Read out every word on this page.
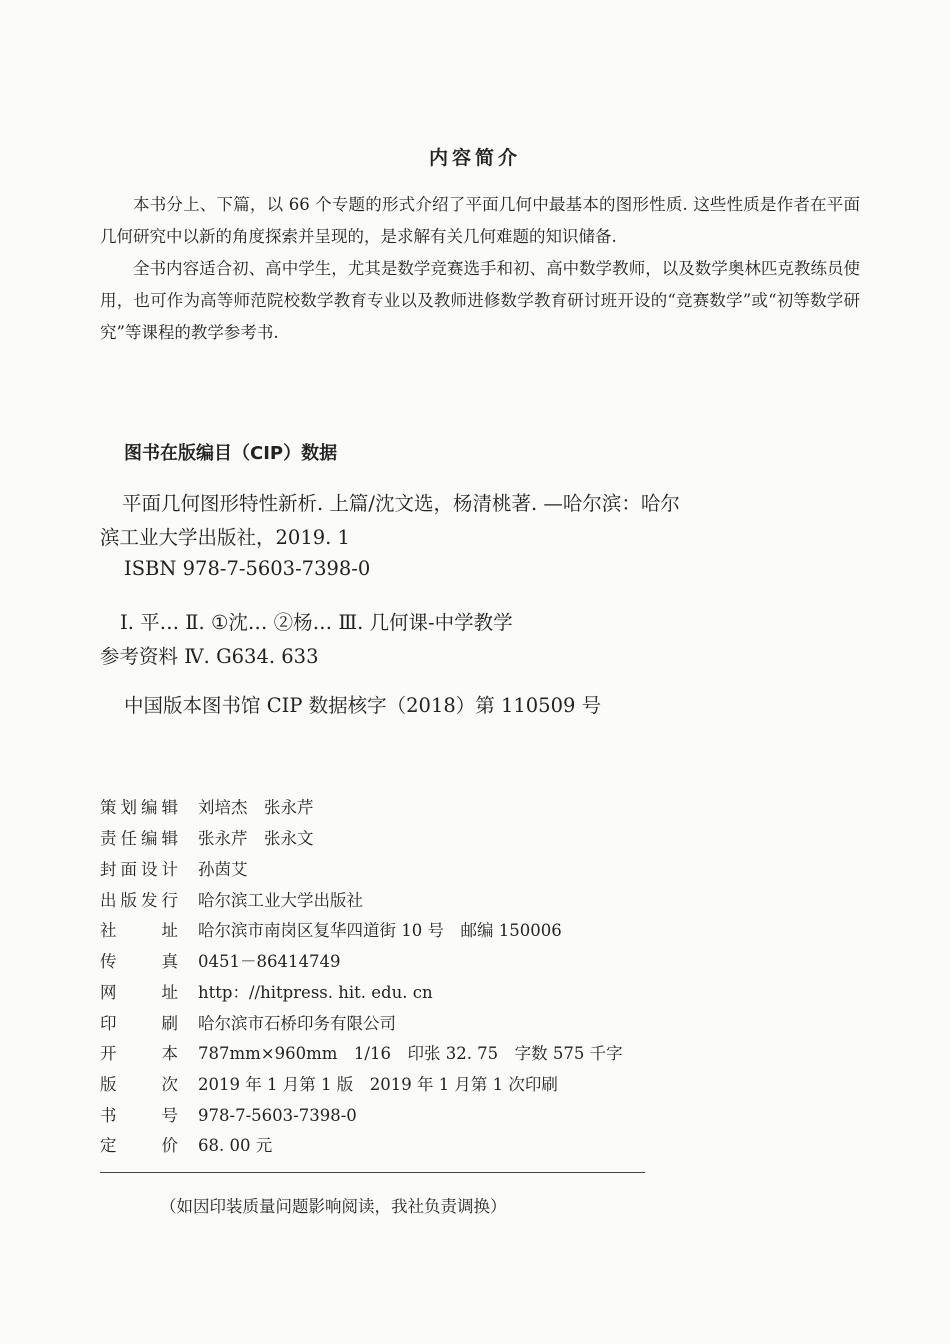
内容简介
本书分上、下篇，以 66 个专题的形式介绍了平面几何中最基本的图形性质. 这些性质是作者在平面几何研究中以新的角度探索并呈现的，是求解有关几何难题的知识储备.
全书内容适合初、高中学生，尤其是数学竞赛选手和初、高中数学教师，以及数学奥林匹克教练员使用，也可作为高等师范院校数学教育专业以及教师进修数学教育研讨班开设的“竞赛数学”或“初等数学研究”等课程的教学参考书.
图书在版编目（CIP）数据
平面几何图形特性新析. 上篇/沈文选，杨清桃著. —哈尔滨：哈尔
滨工业大学出版社，2019. 1
ISBN 978-7-5603-7398-0
Ⅰ. 平… Ⅱ. ①沈… ②杨… Ⅲ. 几何课-中学教学
参考资料 Ⅳ. G634. 633
中国版本图书馆 CIP 数据核字（2018）第 110509 号
策划编辑 刘培杰　张永芹
责任编辑 张永芹　张永文
封面设计 孙茵艾
出版发行 哈尔滨工业大学出版社
社址 哈尔滨市南岗区复华四道街 10 号　邮编 150006
传真 0451－86414749
网址 http：//hitpress. hit. edu. cn
印刷 哈尔滨市石桥印务有限公司
开本 787mm×960mm　1/16　印张 32. 75　字数 575 千字
版次 2019 年 1 月第 1 版　2019 年 1 月第 1 次印刷
书号 978-7-5603-7398-0
定价 68. 00 元
（如因印装质量问题影响阅读，我社负责调换）
